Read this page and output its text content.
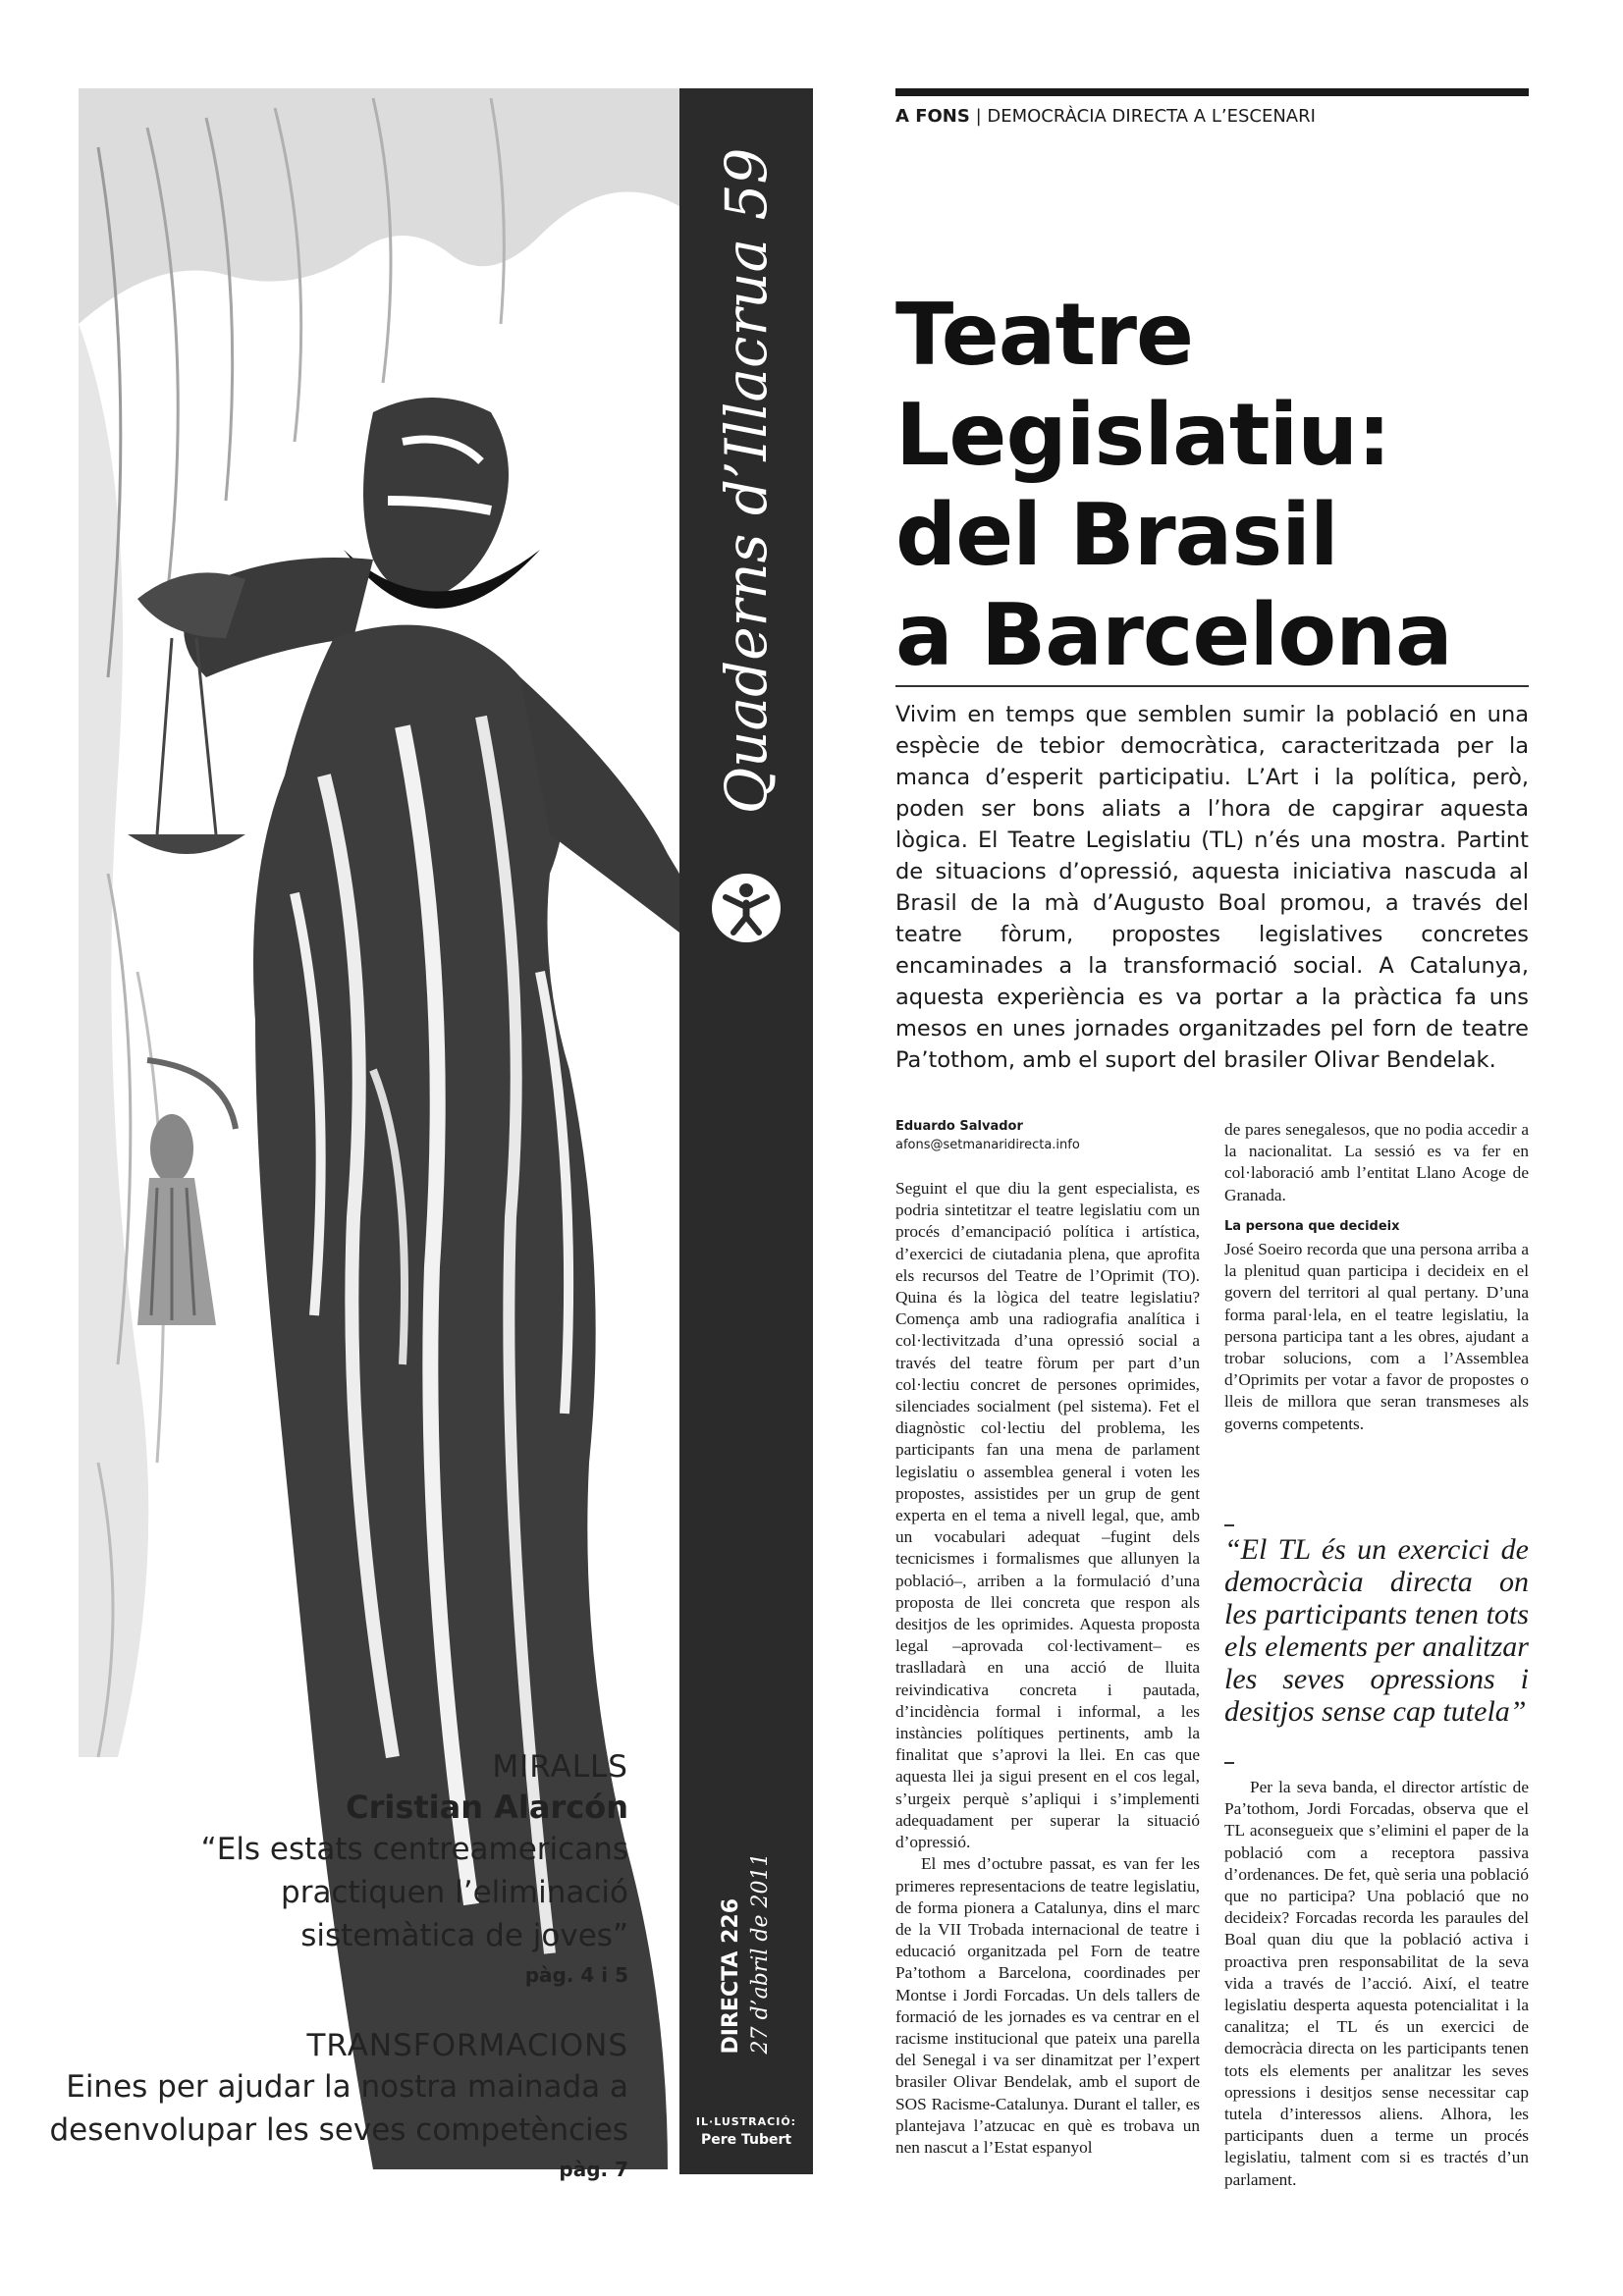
MIRALLS
Cristian Alarcón
“Els estats centreamericans
practiquen l’eliminació
sistemàtica de joves”
pàg. 4 i 5
TRANSFORMACIONS
Eines per ajudar la nostra mainada a
desenvolupar les seves competències
pàg. 7
Quaderns d’Illacrua 59
DIRECTA 226 27 d’abril de 2011
IL·LUSTRACIÓ:
Pere Tubert
A FONS | DEMOCRÀCIA DIRECTA A L’ESCENARI
Teatre
Legislatiu:
del Brasil
a Barcelona
Vivim en temps que semblen sumir la població en una espècie de tebior democràtica, caracteritzada per la manca d’esperit participatiu. L’Art i la política, però, poden ser bons aliats a l’hora de capgirar aquesta lògica. El Teatre Legislatiu (TL) n’és una mostra. Partint de situacions d’opressió, aquesta iniciativa nascuda al Brasil de la mà d’Augusto Boal promou, a través del teatre fòrum, propostes legislatives concretes encaminades a la transformació social. A Catalunya, aquesta experiència es va portar a la pràctica fa uns mesos en unes jornades organitzades pel forn de teatre Pa’tothom, amb el suport del brasiler Olivar Bendelak.
Eduardo Salvador
afons@setmanaridirecta.info

Seguint el que diu la gent especialista, es podria sintetitzar el teatre legislatiu com un procés d’emancipació política i artística, d’exercici de ciutadania plena, que aprofita els recursos del Teatre de l’Oprimit (TO). Quina és la lògica del teatre legislatiu? Comença amb una radiografia analítica i col·lectivitzada d’una opressió social a través del teatre fòrum per part d’un col·lectiu concret de persones oprimides, silenciades socialment (pel sistema). Fet el diagnòstic col·lectiu del problema, les participants fan una mena de parlament legislatiu o assemblea general i voten les propostes, assistides per un grup de gent experta en el tema a nivell legal, que, amb un vocabulari adequat –fugint dels tecnicismes i formalismes que allunyen la població–, arriben a la formulació d’una proposta de llei concreta que respon als desitjos de les oprimides. Aquesta proposta legal –aprovada col·lectivament– es traslladarà en una acció de lluita reivindicativa concreta i pautada, d’incidència formal i informal, a les instàncies polítiques pertinents, amb la finalitat que s’aprovi la llei. En cas que aquesta llei ja sigui present en el cos legal, s’urgeix perquè s’apliqui i s’implementi adequadament per superar la situació d’opressió.

El mes d’octubre passat, es van fer les primeres representacions de teatre legislatiu, de forma pionera a Catalunya, dins el marc de la VII Trobada internacional de teatre i educació organitzada pel Forn de teatre Pa’tothom a Barcelona, coordinades per Montse i Jordi Forcadas. Un dels tallers de formació de les jornades es va centrar en el racisme institucional que pateix una parella del Senegal i va ser dinamitzat per l’expert brasiler Olivar Bendelak, amb el suport de SOS Racisme-Catalunya. Durant el taller, es plantejava l’atzucac en què es trobava un nen nascut a l’Estat espanyol

de pares senegalesos, que no podia accedir a la nacionalitat. La sessió es va fer en col·laboració amb l’entitat Llano Acoge de Granada.

La persona que decideix

José Soeiro recorda que una persona arriba a la plenitud quan participa i decideix en el govern del territori al qual pertany. D’una forma paral·lela, en el teatre legislatiu, la persona participa tant a les obres, ajudant a trobar solucions, com a l’Assemblea d’Oprimits per votar a favor de propostes o lleis de millora que seran transmeses als governs competents.

“El TL és un exercici de democràcia directa on les participants tenen tots els elements per analitzar les seves opressions i desitjos sense cap tutela”

Per la seva banda, el director artístic de Pa’tothom, Jordi Forcadas, observa que el TL aconsegueix que s’elimini el paper de la població com a receptora passiva d’ordenances. De fet, què seria una població que no participa? Una població que no decideix? Forcadas recorda les paraules del Boal quan diu que la població activa i proactiva pren responsabilitat de la seva vida a través de l’acció. Així, el teatre legislatiu desperta aquesta potencialitat i la canalitza; el TL és un exercici de democràcia directa on les participants tenen tots els elements per analitzar les seves opressions i desitjos sense necessitar cap tutela d’interessos aliens. Alhora, les participants duen a terme un procés legislatiu, talment com si es tractés d’un parlament.
